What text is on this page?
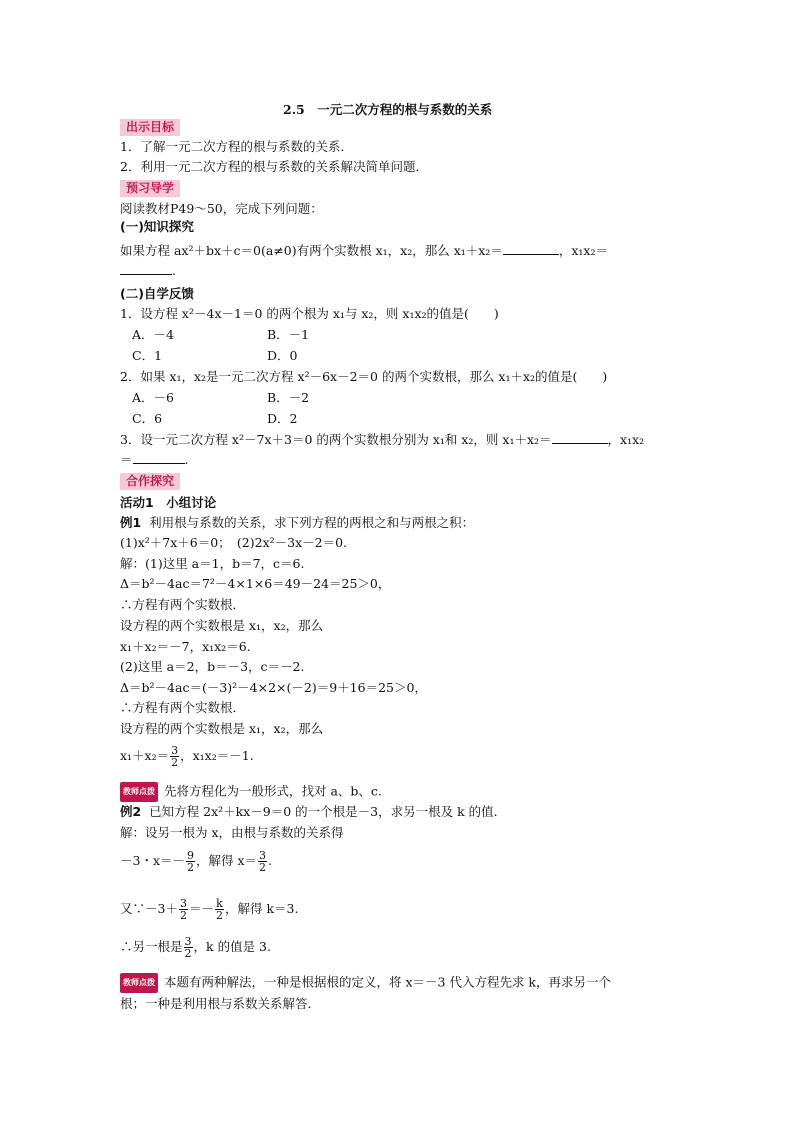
2.5　一元二次方程的根与系数的关系
出示目标
1．了解一元二次方程的根与系数的关系．
2．利用一元二次方程的根与系数的关系解决简单问题．
预习导学
阅读教材P49～50，完成下列问题：
(一)知识探究
如果方程 ax²＋bx＋c＝0(a≠0)有两个实数根 x₁，x₂，那么 x₁＋x₂＝	，x₁x₂＝
.
(二)自学反馈
1．设方程 x²－4x－1＝0 的两个根为 x₁与 x₂，则 x₁x₂的值是(　　)
A．－4	B．－1
C．1	D．0
2．如果 x₁，x₂是一元二次方程 x²－6x－2＝0 的两个实数根，那么 x₁＋x₂的值是(　　)
A．－6	B．－2
C．6	D．2
3．设一元二次方程 x²－7x＋3＝0 的两个实数根分别为 x₁和 x₂，则 x₁＋x₂＝	，x₁x₂
＝	.
合作探究
活动1　小组讨论
例1 利用根与系数的关系，求下列方程的两根之和与两根之积：
(1)x²＋7x＋6＝0；　(2)2x²－3x－2＝0.
解：(1)这里 a＝1，b＝7，c＝6.
Δ＝b²－4ac＝7²－4×1×6＝49－24＝25＞0，
∴方程有两个实数根．
设方程的两个实数根是 x₁，x₂，那么
x₁＋x₂＝－7，x₁x₂＝6.
(2)这里 a＝2，b＝－3，c＝－2.
Δ＝b²－4ac＝(－3)²－4×2×(－2)＝9＋16＝25＞0，
∴方程有两个实数根．
设方程的两个实数根是 x₁，x₂，那么
$x_1+x_2= \frac{3}{2}$ ，x₁x₂＝－1.
教师点拨 先将方程化为一般形式，找对 a、b、c.
例2 已知方程 2x²＋kx－9＝0 的一个根是－3，求另一根及 k 的值．
解：设另一根为 x，由根与系数的关系得
－3・$x=- \frac{9}{2}$ ，解得 $x= \frac{3}{2}$ .
又∵－3＋ $\frac{3}{2} =- \frac{k}{2}$ ，解得 k＝3.
∴另一根是 $\frac{3}{2}$ ，k 的值是 3.
教师点拨 本题有两种解法，一种是根据根的定义，将 x＝－3 代入方程先求 k，再求另一个
根；一种是利用根与系数关系解答．
